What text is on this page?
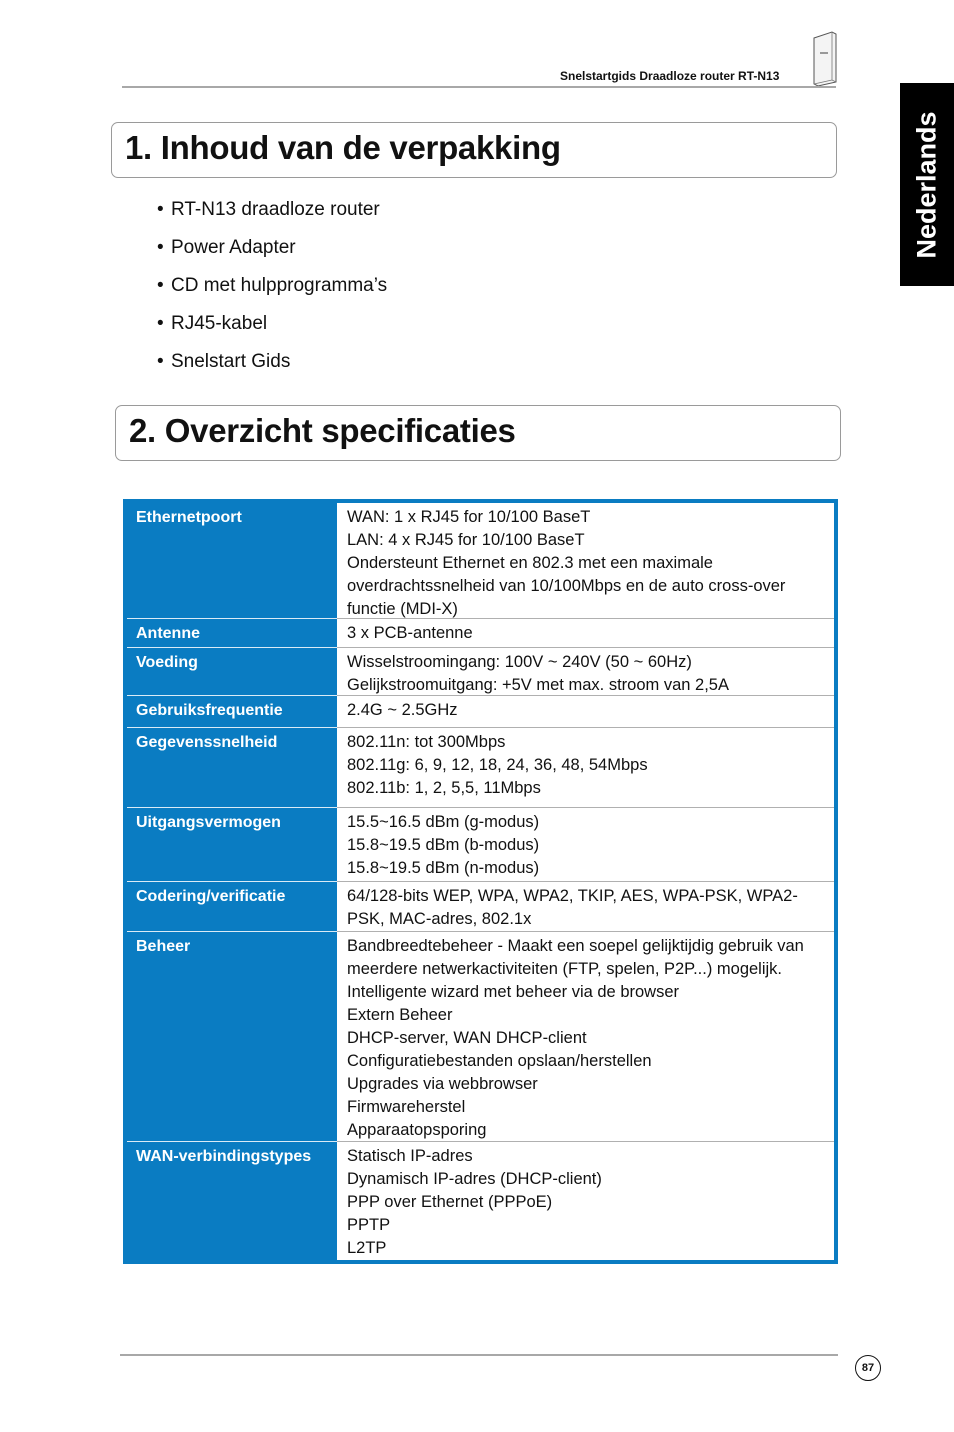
Snelstartgids Draadloze router RT-N13
Nederlands
1. Inhoud van de verpakking
• RT-N13 draadloze router
• Power Adapter
• CD met hulpprogramma’s
• RJ45-kabel
• Snelstart Gids
2. Overzicht specificaties
Ethernetpoort	WAN: 1 x RJ45 for 10/100 BaseT
LAN: 4 x RJ45 for 10/100 BaseT
Ondersteunt Ethernet en 802.3 met een maximale
overdrachtssnelheid van 10/100Mbps en de auto cross-over
functie (MDI-X)
Antenne	3 x PCB-antenne
Voeding	Wisselstroomingang: 100V ~ 240V (50 ~ 60Hz)
Gelijkstroomuitgang: +5V met max. stroom van 2,5A
Gebruiksfrequentie	2.4G ~ 2.5GHz
Gegevenssnelheid	802.11n: tot 300Mbps
802.11g: 6, 9, 12, 18, 24, 36, 48, 54Mbps
802.11b: 1, 2, 5,5, 11Mbps
Uitgangsvermogen	15.5~16.5 dBm (g-modus)
15.8~19.5 dBm (b-modus)
15.8~19.5 dBm (n-modus)
Codering/verificatie	64/128-bits WEP, WPA, WPA2, TKIP, AES, WPA-PSK, WPA2-
PSK, MAC-adres, 802.1x
Beheer	Bandbreedtebeheer - Maakt een soepel gelijktijdig gebruik van
meerdere netwerkactiviteiten (FTP, spelen, P2P...) mogelijk.
Intelligente wizard met beheer via de browser
Extern Beheer
DHCP-server, WAN DHCP-client
Configuratiebestanden opslaan/herstellen
Upgrades via webbrowser
Firmwareherstel
Apparaatopsporing
WAN-verbindingstypes	Statisch IP-adres
Dynamisch IP-adres (DHCP-client)
PPP over Ethernet (PPPoE)
PPTP
L2TP
87
